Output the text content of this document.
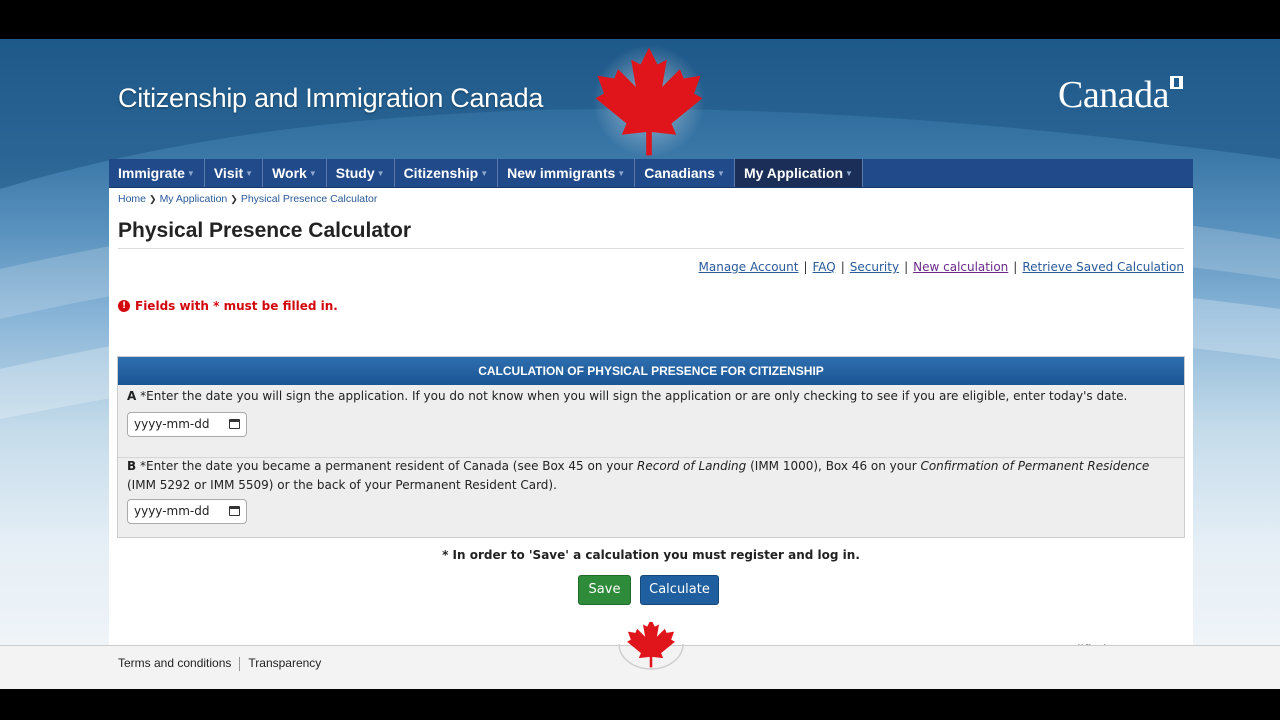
Citizenship and Immigration Canada	Canada
Immigrate ▼	Visit ▼	Work ▼	Study ▼	Citizenship ▼	New immigrants ▼	Canadians ▼	My Application ▼
Home ❯ My Application ❯ Physical Presence Calculator
Physical Presence Calculator
Manage Account | FAQ | Security | New calculation | Retrieve Saved Calculation
! Fields with * must be filled in.
CALCULATION OF PHYSICAL PRESENCE FOR CITIZENSHIP
A *Enter the date you will sign the application. If you do not know when you will sign the application or are only checking to see if you are eligible, enter today's date.
yyyy-mm-dd
B *Enter the date you became a permanent resident of Canada (see Box 45 on your Record of Landing (IMM 1000), Box 46 on your Confirmation of Permanent Residence (IMM 5292 or IMM 5509) or the back of your Permanent Resident Card).
yyyy-mm-dd
* In order to 'Save' a calculation you must register and log in.
Save	Calculate
Terms and conditions Transparency
